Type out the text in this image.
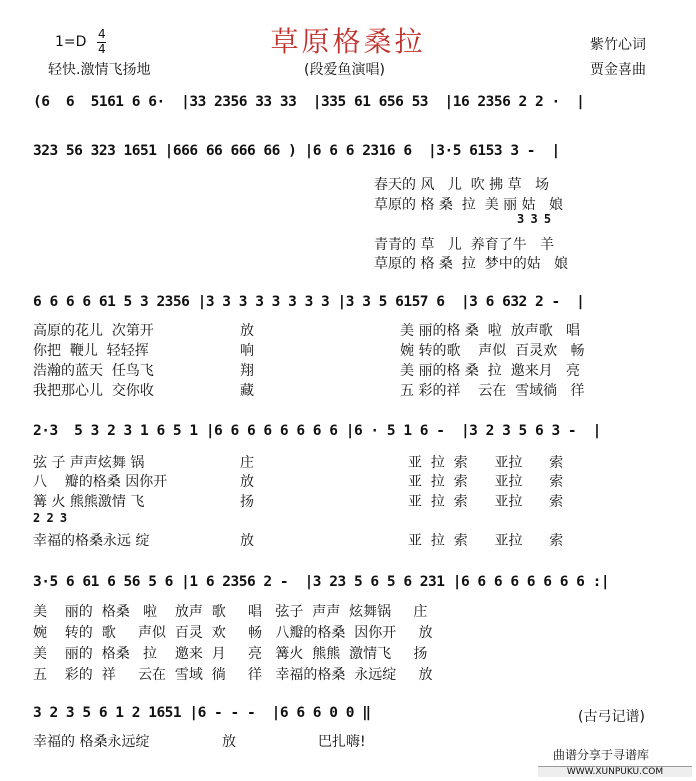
草原格桑拉
1=D 4
4
轻快.激情飞扬地	(段爱鱼演唱)
紫竹心词
贾金喜曲
(6  6  5161 6 6·  |33 2356 33 33  |335 61 656 53  |16 2356 2 2 ·  |
323 56 323 1651 |666 66 666 66 ) |6 6 6 2316 6  |3·5 6153 3 -  |
3 3 5
春天的 风   儿  吹 拂 草   场
草原的 格 桑  拉  美 丽 姑   娘
青青的 草   儿  养育了牛   羊
草原的 格 桑  拉  梦中的姑   娘
6 6 6 6 61 5 3 2356 |3 3 3 3 3 3 3 3 |3 3 5 6157 6  |3 6 632 2 -  |
高原的花儿  次第开	放	美 丽的格 桑  啦  放声歌   唱
你把  鞭儿  轻轻挥	响	婉 转的歌    声似  百灵欢   畅
浩瀚的蓝天  任鸟飞	翔	美 丽的格 桑  拉  邀来月   亮
我把那心儿  交你收	藏	五 彩的祥    云在  雪域徜   徉
2·3  5 3 2 3 1 6 5 1 |6 6 6 6 6 6 6 6 |6 · 5 1 6 -  |3 2 3 5 6 3 -  |
弦 子 声声炫舞 锅	庄	亚  拉  索      亚拉      索
八    瓣的格桑 因你开	放	亚  拉  索      亚拉      索
篝 火 熊熊激情 飞	扬	亚  拉  索      亚拉      索
2 2 3
幸福的格桑永远 绽	放	亚  拉  索      亚拉      索
3·5 6 61 6 56 5 6 |1 6 2356 2 -  |3 23 5 6 5 6 231 |6 6 6 6 6 6 6 6 :|
美    丽的  格桑   啦    放声  歌     唱   弦子  声声  炫舞锅     庄
婉    转的  歌     声似  百灵  欢     畅   八瓣的格桑  因你开     放
美    丽的  格桑   拉    邀来  月     亮   篝火  熊熊  激情飞     扬
五    彩的  祥     云在  雪域  徜     徉   幸福的格桑  永远绽     放
3 2 3 5 6 1 2 1651 |6 - - -  |6 6 6 0 0 ‖
幸福的 格桑永远绽	放	巴扎嗨!
(古弓记谱)
曲谱分享于寻谱库
WWW.XUNPUKU.COM
